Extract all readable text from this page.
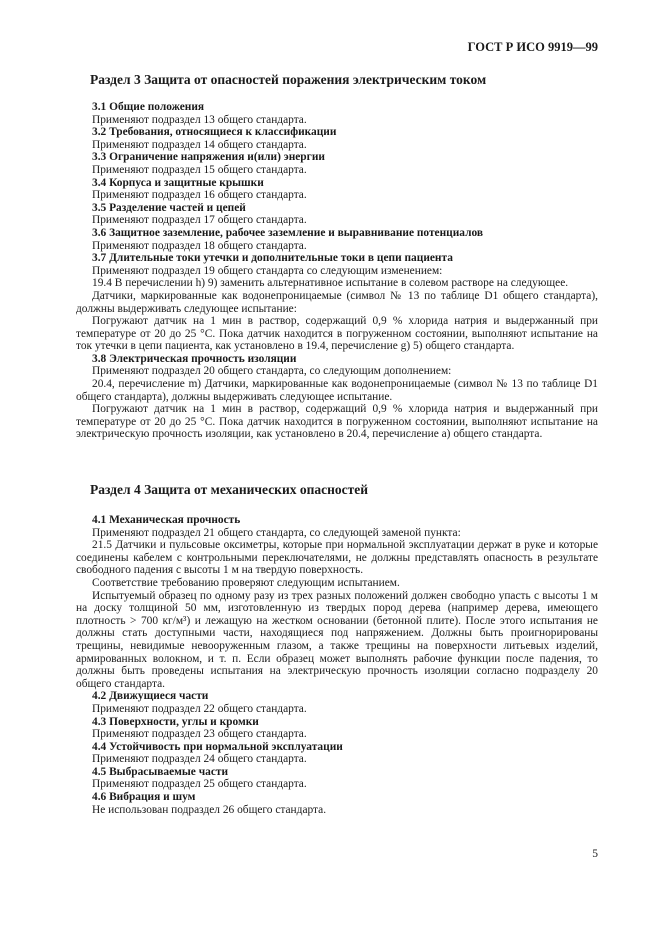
ГОСТ Р ИСО 9919—99
Раздел 3 Защита от опасностей поражения электрическим током

3.1 Общие положения

Применяют подраздел 13 общего стандарта.

3.2 Требования, относящиеся к классификации

Применяют подраздел 14 общего стандарта.

3.3 Ограничение напряжения и(или) энергии

Применяют подраздел 15 общего стандарта.

3.4 Корпуса и защитные крышки

Применяют подраздел 16 общего стандарта.

3.5 Разделение частей и цепей

Применяют подраздел 17 общего стандарта.

3.6 Защитное заземление, рабочее заземление и выравнивание потенциалов

Применяют подраздел 18 общего стандарта.

3.7 Длительные токи утечки и дополнительные токи в цепи пациента

Применяют подраздел 19 общего стандарта со следующим изменением:

19.4 В перечислении h) 9) заменить альтернативное испытание в солевом растворе на следующее.

Датчики, маркированные как водонепроницаемые (символ № 13 по таблице D1 общего стандарта), должны выдерживать следующее испытание:

Погружают датчик на 1 мин в раствор, содержащий 0,9 % хлорида натрия и выдержанный при температуре от 20 до 25 °С. Пока датчик находится в погруженном состоянии, выполняют испытание на ток утечки в цепи пациента, как установлено в 19.4, перечисление g) 5) общего стандарта.

3.8 Электрическая прочность изоляции

Применяют подраздел 20 общего стандарта, со следующим дополнением:

20.4, перечисление m) Датчики, маркированные как водонепроницаемые (символ № 13 по таблице D1 общего стандарта), должны выдерживать следующее испытание.

Погружают датчик на 1 мин в раствор, содержащий 0,9 % хлорида натрия и выдержанный при температуре от 20 до 25 °С. Пока датчик находится в погруженном состоянии, выполняют испытание на электрическую прочность изоляции, как установлено в 20.4, перечисление а) общего стандарта.

Раздел 4 Защита от механических опасностей

4.1 Механическая прочность

Применяют подраздел 21 общего стандарта, со следующей заменой пункта:

21.5 Датчики и пульсовые оксиметры, которые при нормальной эксплуатации держат в руке и которые соединены кабелем с контрольными переключателями, не должны представлять опасность в результате свободного падения с высоты 1 м на твердую поверхность.

Соответствие требованию проверяют следующим испытанием.

Испытуемый образец по одному разу из трех разных положений должен свободно упасть с высоты 1 м на доску толщиной 50 мм, изготовленную из твердых пород дерева (например дерева, имеющего плотность > 700 кг/м³) и лежащую на жестком основании (бетонной плите). После этого испытания не должны стать доступными части, находящиеся под напряжением. Должны быть проигнорированы трещины, невидимые невооруженным глазом, а также трещины на поверхности литьевых изделий, армированных волокном, и т. п. Если образец может выполнять рабочие функции после падения, то должны быть проведены испытания на электрическую прочность изоляции согласно подразделу 20 общего стандарта.

4.2 Движущиеся части

Применяют подраздел 22 общего стандарта.

4.3 Поверхности, углы и кромки

Применяют подраздел 23 общего стандарта.

4.4 Устойчивость при нормальной эксплуатации

Применяют подраздел 24 общего стандарта.

4.5 Выбрасываемые части

Применяют подраздел 25 общего стандарта.

4.6 Вибрация и шум

Не использован подраздел 26 общего стандарта.

5
